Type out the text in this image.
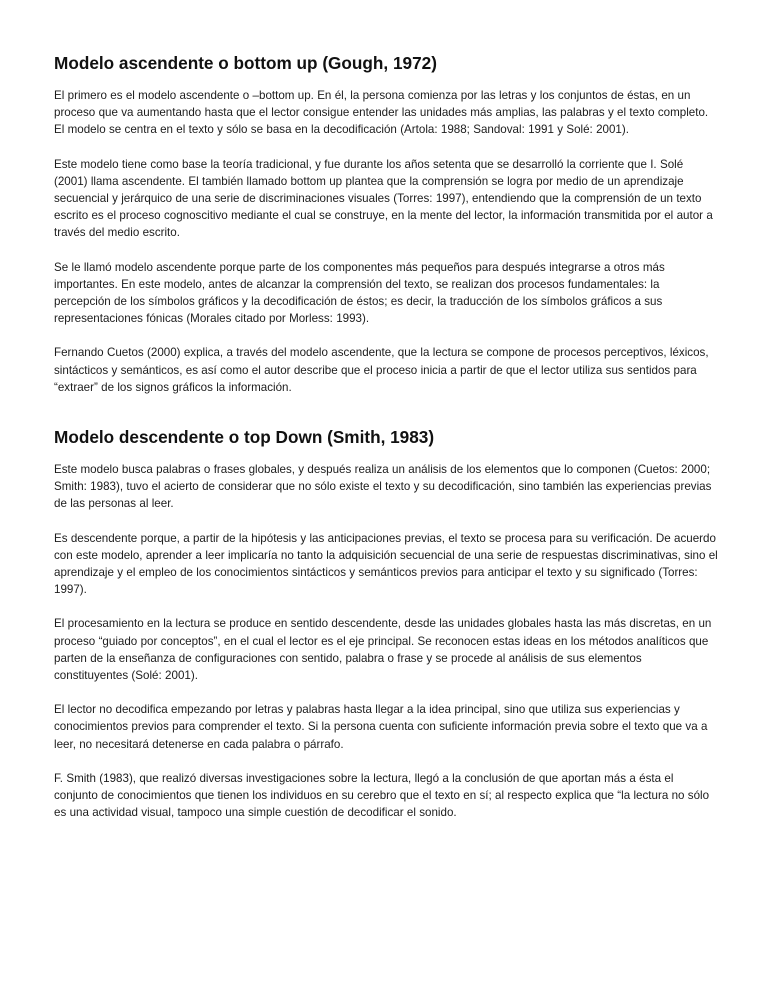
Modelo ascendente o bottom up (Gough, 1972)

El primero es el modelo ascendente o –bottom up. En él, la persona comienza por las letras y los conjuntos de éstas, en un proceso que va aumentando hasta que el lector consigue entender las unidades más amplias, las palabras y el texto completo. El modelo se centra en el texto y sólo se basa en la decodificación (Artola: 1988; Sandoval: 1991 y Solé: 2001).

Este modelo tiene como base la teoría tradicional, y fue durante los años setenta que se desarrolló la corriente que I. Solé (2001) llama ascendente. El también llamado bottom up plantea que la comprensión se logra por medio de un aprendizaje secuencial y jerárquico de una serie de discriminaciones visuales (Torres: 1997), entendiendo que la comprensión de un texto escrito es el proceso cognoscitivo mediante el cual se construye, en la mente del lector, la información transmitida por el autor a través del medio escrito.

Se le llamó modelo ascendente porque parte de los componentes más pequeños para después integrarse a otros más importantes. En este modelo, antes de alcanzar la comprensión del texto, se realizan dos procesos fundamentales: la percepción de los símbolos gráficos y la decodificación de éstos; es decir, la traducción de los símbolos gráficos a sus representaciones fónicas (Morales citado por Morless: 1993).

Fernando Cuetos (2000) explica, a través del modelo ascendente, que la lectura se compone de procesos perceptivos, léxicos, sintácticos y semánticos, es así como el autor describe que el proceso inicia a partir de que el lector utiliza sus sentidos para “extraer” de los signos gráficos la información.

Modelo descendente o top Down (Smith, 1983)

Este modelo busca palabras o frases globales, y después realiza un análisis de los elementos que lo componen (Cuetos: 2000; Smith: 1983), tuvo el acierto de considerar que no sólo existe el texto y su decodificación, sino también las experiencias previas de las personas al leer.

Es descendente porque, a partir de la hipótesis y las anticipaciones previas, el texto se procesa para su verificación. De acuerdo con este modelo, aprender a leer implicaría no tanto la adquisición secuencial de una serie de respuestas discriminativas, sino el aprendizaje y el empleo de los conocimientos sintácticos y semánticos previos para anticipar el texto y su significado (Torres: 1997).

El procesamiento en la lectura se produce en sentido descendente, desde las unidades globales hasta las más discretas, en un proceso “guiado por conceptos”, en el cual el lector es el eje principal. Se reconocen estas ideas en los métodos analíticos que parten de la enseñanza de configuraciones con sentido, palabra o frase y se procede al análisis de sus elementos constituyentes (Solé: 2001).

El lector no decodifica empezando por letras y palabras hasta llegar a la idea principal, sino que utiliza sus experiencias y conocimientos previos para comprender el texto. Si la persona cuenta con suficiente información previa sobre el texto que va a leer, no necesitará detenerse en cada palabra o párrafo.

F. Smith (1983), que realizó diversas investigaciones sobre la lectura, llegó a la conclusión de que aportan más a ésta el conjunto de conocimientos que tienen los individuos en su cerebro que el texto en sí; al respecto explica que “la lectura no sólo es una actividad visual, tampoco una simple cuestión de decodificar el sonido.
